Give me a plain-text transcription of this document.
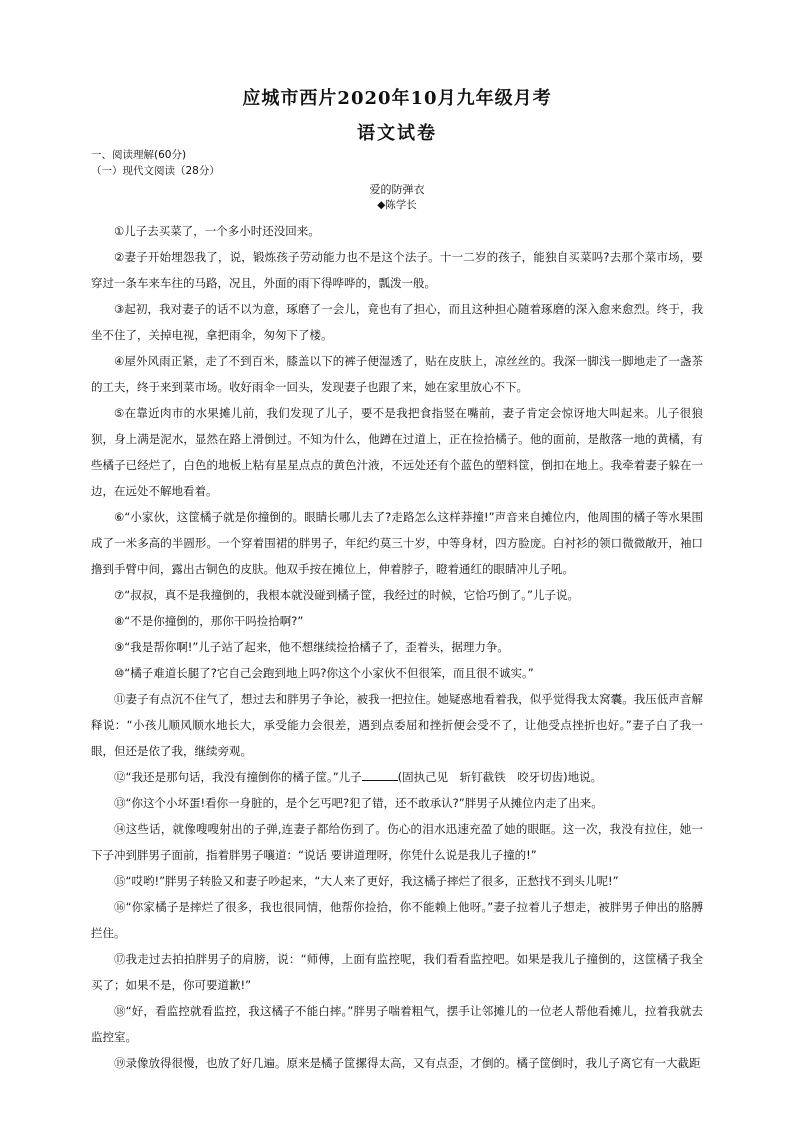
应城市西片2020年10月九年级月考
语文试卷
一、阅读理解(60分)
（一）现代文阅读（28分）
爱的防弹衣
◆陈学长

①儿子去买菜了，一个多小时还没回来。

②妻子开始埋怨我了，说，锻炼孩子劳动能力也不是这个法子。十一二岁的孩子，能独自买菜吗?去那个菜市场，要穿过一条车来车往的马路，况且，外面的雨下得哗哗的，瓢泼一般。

③起初，我对妻子的话不以为意，琢磨了一会儿，竟也有了担心，而且这种担心随着琢磨的深入愈来愈烈。终于，我坐不住了，关掉电视，拿把雨伞，匆匆下了楼。

④屋外风雨正紧，走了不到百米，膝盖以下的裤子便湿透了，贴在皮肤上，凉丝丝的。我深一脚浅一脚地走了一盏茶的工夫，终于来到菜市场。收好雨伞一回头，发现妻子也跟了来，她在家里放心不下。

⑤在靠近肉市的水果摊儿前，我们发现了儿子，要不是我把食指竖在嘴前，妻子肯定会惊讶地大叫起来。儿子很狼狈，身上满是泥水，显然在路上滑倒过。不知为什么，他蹲在过道上，正在捡拾橘子。他的面前，是散落一地的黄橘，有些橘子已经烂了，白色的地板上粘有星星点点的黄色汁液，不远处还有个蓝色的塑料筐，倒扣在地上。我牵着妻子躲在一边，在远处不解地看着。

⑥“小家伙，这筐橘子就是你撞倒的。眼睛长哪儿去了?走路怎么这样莽撞!”声音来自摊位内，他周围的橘子等水果围成了一米多高的半圆形。一个穿着围裙的胖男子，年纪约莫三十岁，中等身材，四方脸庞。白衬衫的领口微微敞开，袖口撸到手臂中间，露出古铜色的皮肤。他双手按在摊位上，伸着脖子，瞪着通红的眼睛冲儿子吼。

⑦“叔叔，真不是我撞倒的，我根本就没碰到橘子筐，我经过的时候，它恰巧倒了。”儿子说。

⑧“不是你撞倒的，那你干吗捡拾啊?”

⑨“我是帮你啊!”儿子站了起来，他不想继续捡拾橘子了，歪着头，据理力争。

⑩“橘子难道长腿了?它自己会跑到地上吗?你这个小家伙不但很笨，而且很不诚实。”

⑪妻子有点沉不住气了，想过去和胖男子争论，被我一把拉住。她疑惑地看着我，似乎觉得我太窝囊。我压低声音解释说：“小孩儿顺风顺水地长大，承受能力会很差，遇到点委屈和挫折便会受不了，让他受点挫折也好。”妻子白了我一眼，但还是依了我，继续旁观。

⑫“我还是那句话，我没有撞倒你的橘子筐。”儿子	(固执己见　斩钉截铁　咬牙切齿)地说。

⑬“你这个小坏蛋!看你一身脏的，是个乞丐吧?犯了错，还不敢承认?”胖男子从摊位内走了出来。

⑭这些话，就像嗖嗖射出的子弹,连妻子都给伤到了。伤心的泪水迅速充盈了她的眼眶。这一次，我没有拉住，她一下子冲到胖男子面前，指着胖男子嚷道：“说话 要讲道理呀，你凭什么说是我儿子撞的!”

⑮“哎哟!”胖男子转脸又和妻子吵起来，“大人来了更好，我这橘子摔烂了很多，正愁找不到头儿呢!”

⑯“你家橘子是摔烂了很多，我也很同情，他帮你捡拾，你不能赖上他呀。”妻子拉着儿子想走，被胖男子伸出的胳膊拦住。

⑰我走过去拍拍胖男子的肩膀，说：“师傅，上面有监控呢，我们看看监控吧。如果是我儿子撞倒的，这筐橘子我全买了；如果不是，你可要道歉!”

⑱“好，看监控就看监控，我这橘子不能白摔。”胖男子喘着粗气，摆手让邻摊儿的一位老人帮他看摊儿，拉着我就去监控室。

⑲录像放得很慢，也放了好几遍。原来是橘子筐摞得太高，又有点歪，才倒的。橘子筐倒时，我儿子离它有一大截距
